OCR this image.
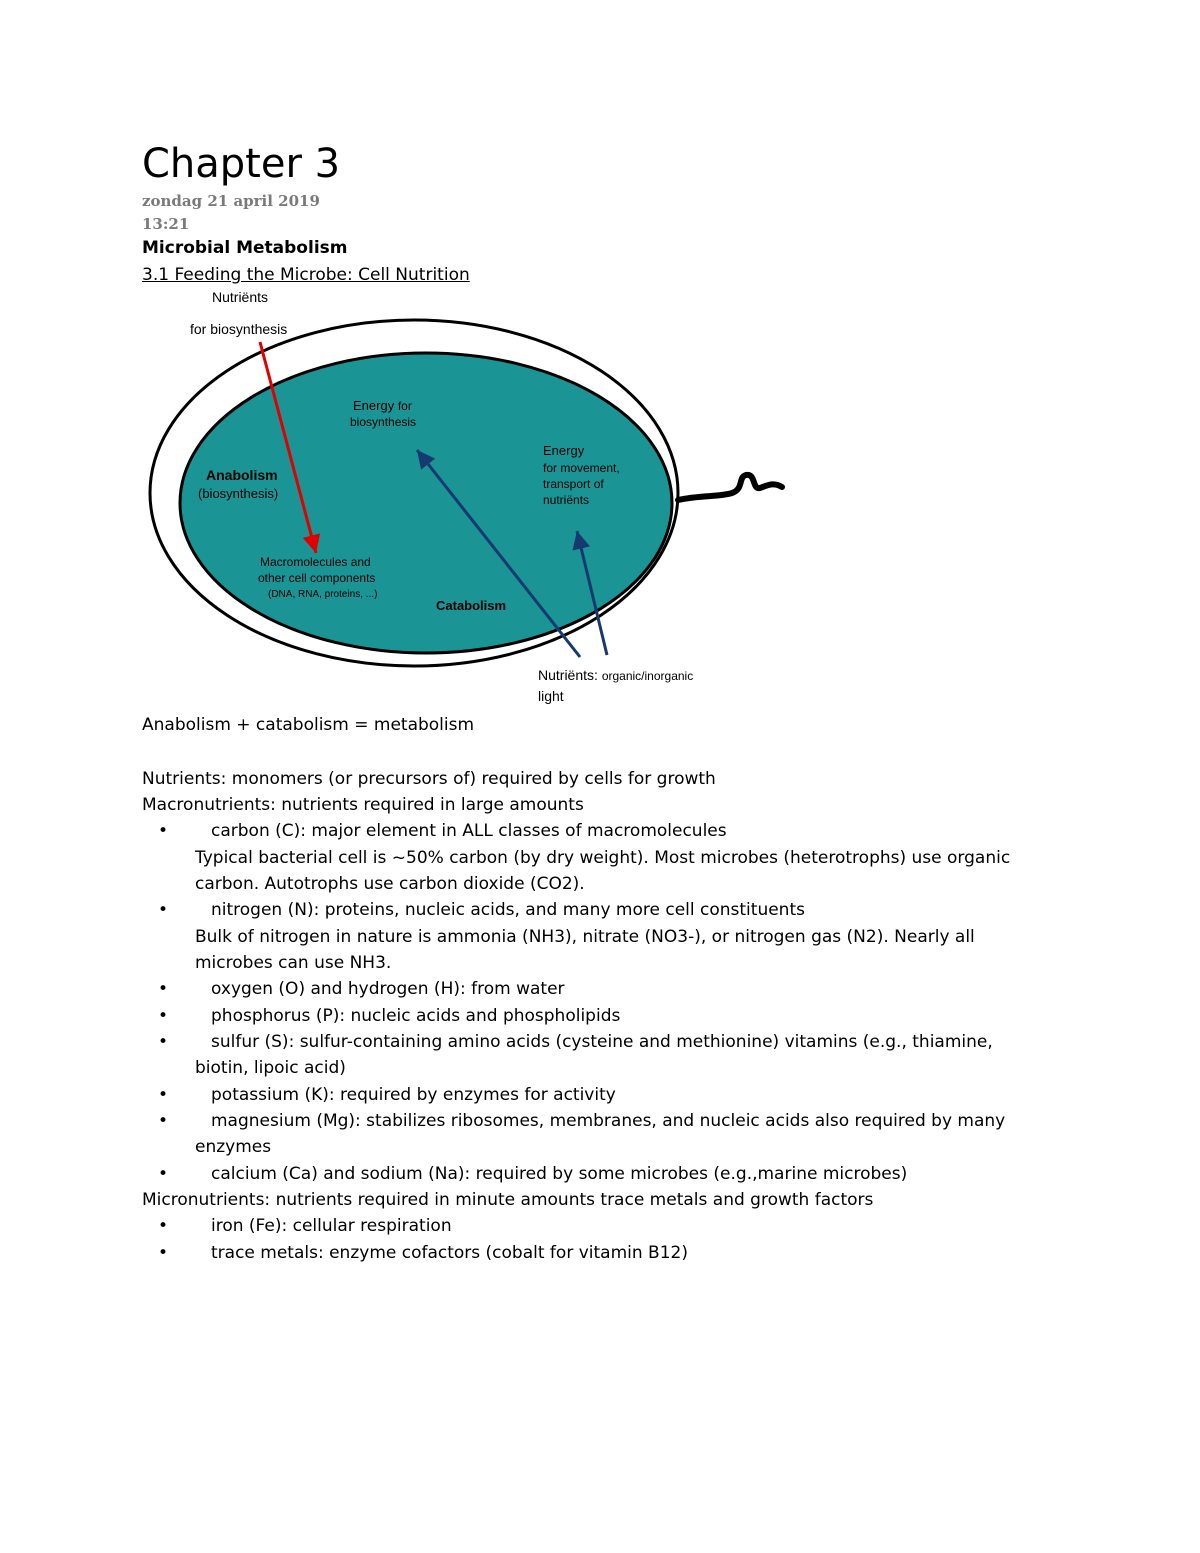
Chapter 3
zondag 21 april 2019
13:21
Microbial Metabolism
3.1 Feeding the Microbe: Cell Nutrition
Nutriënts
for biosynthesis
Energy for
biosynthesis
Anabolism
(biosynthesis)
Energy
for movement,
transport of
nutriënts
Macromolecules and
other cell components
(DNA, RNA, proteins, ...)
Catabolism
Nutriënts: organic/inorganic
light
Anabolism + catabolism = metabolism
Nutrients: monomers (or precursors of) required by cells for growth
Macronutrients: nutrients required in large amounts
•	carbon (C): major element in ALL classes of macromolecules
Typical bacterial cell is ~50% carbon (by dry weight). Most microbes (heterotrophs) use organic
carbon. Autotrophs use carbon dioxide (CO2).
•	nitrogen (N): proteins, nucleic acids, and many more cell constituents
Bulk of nitrogen in nature is ammonia (NH3), nitrate (NO3-), or nitrogen gas (N2). Nearly all
microbes can use NH3.
•	oxygen (O) and hydrogen (H): from water
•	phosphorus (P): nucleic acids and phospholipids
•	sulfur (S): sulfur-containing amino acids (cysteine and methionine) vitamins (e.g., thiamine,
biotin, lipoic acid)
•	potassium (K): required by enzymes for activity
•	magnesium (Mg): stabilizes ribosomes, membranes, and nucleic acids also required by many
enzymes
•	calcium (Ca) and sodium (Na): required by some microbes (e.g.,marine microbes)
Micronutrients: nutrients required in minute amounts trace metals and growth factors
•	iron (Fe): cellular respiration
•	trace metals: enzyme cofactors (cobalt for vitamin B12)
